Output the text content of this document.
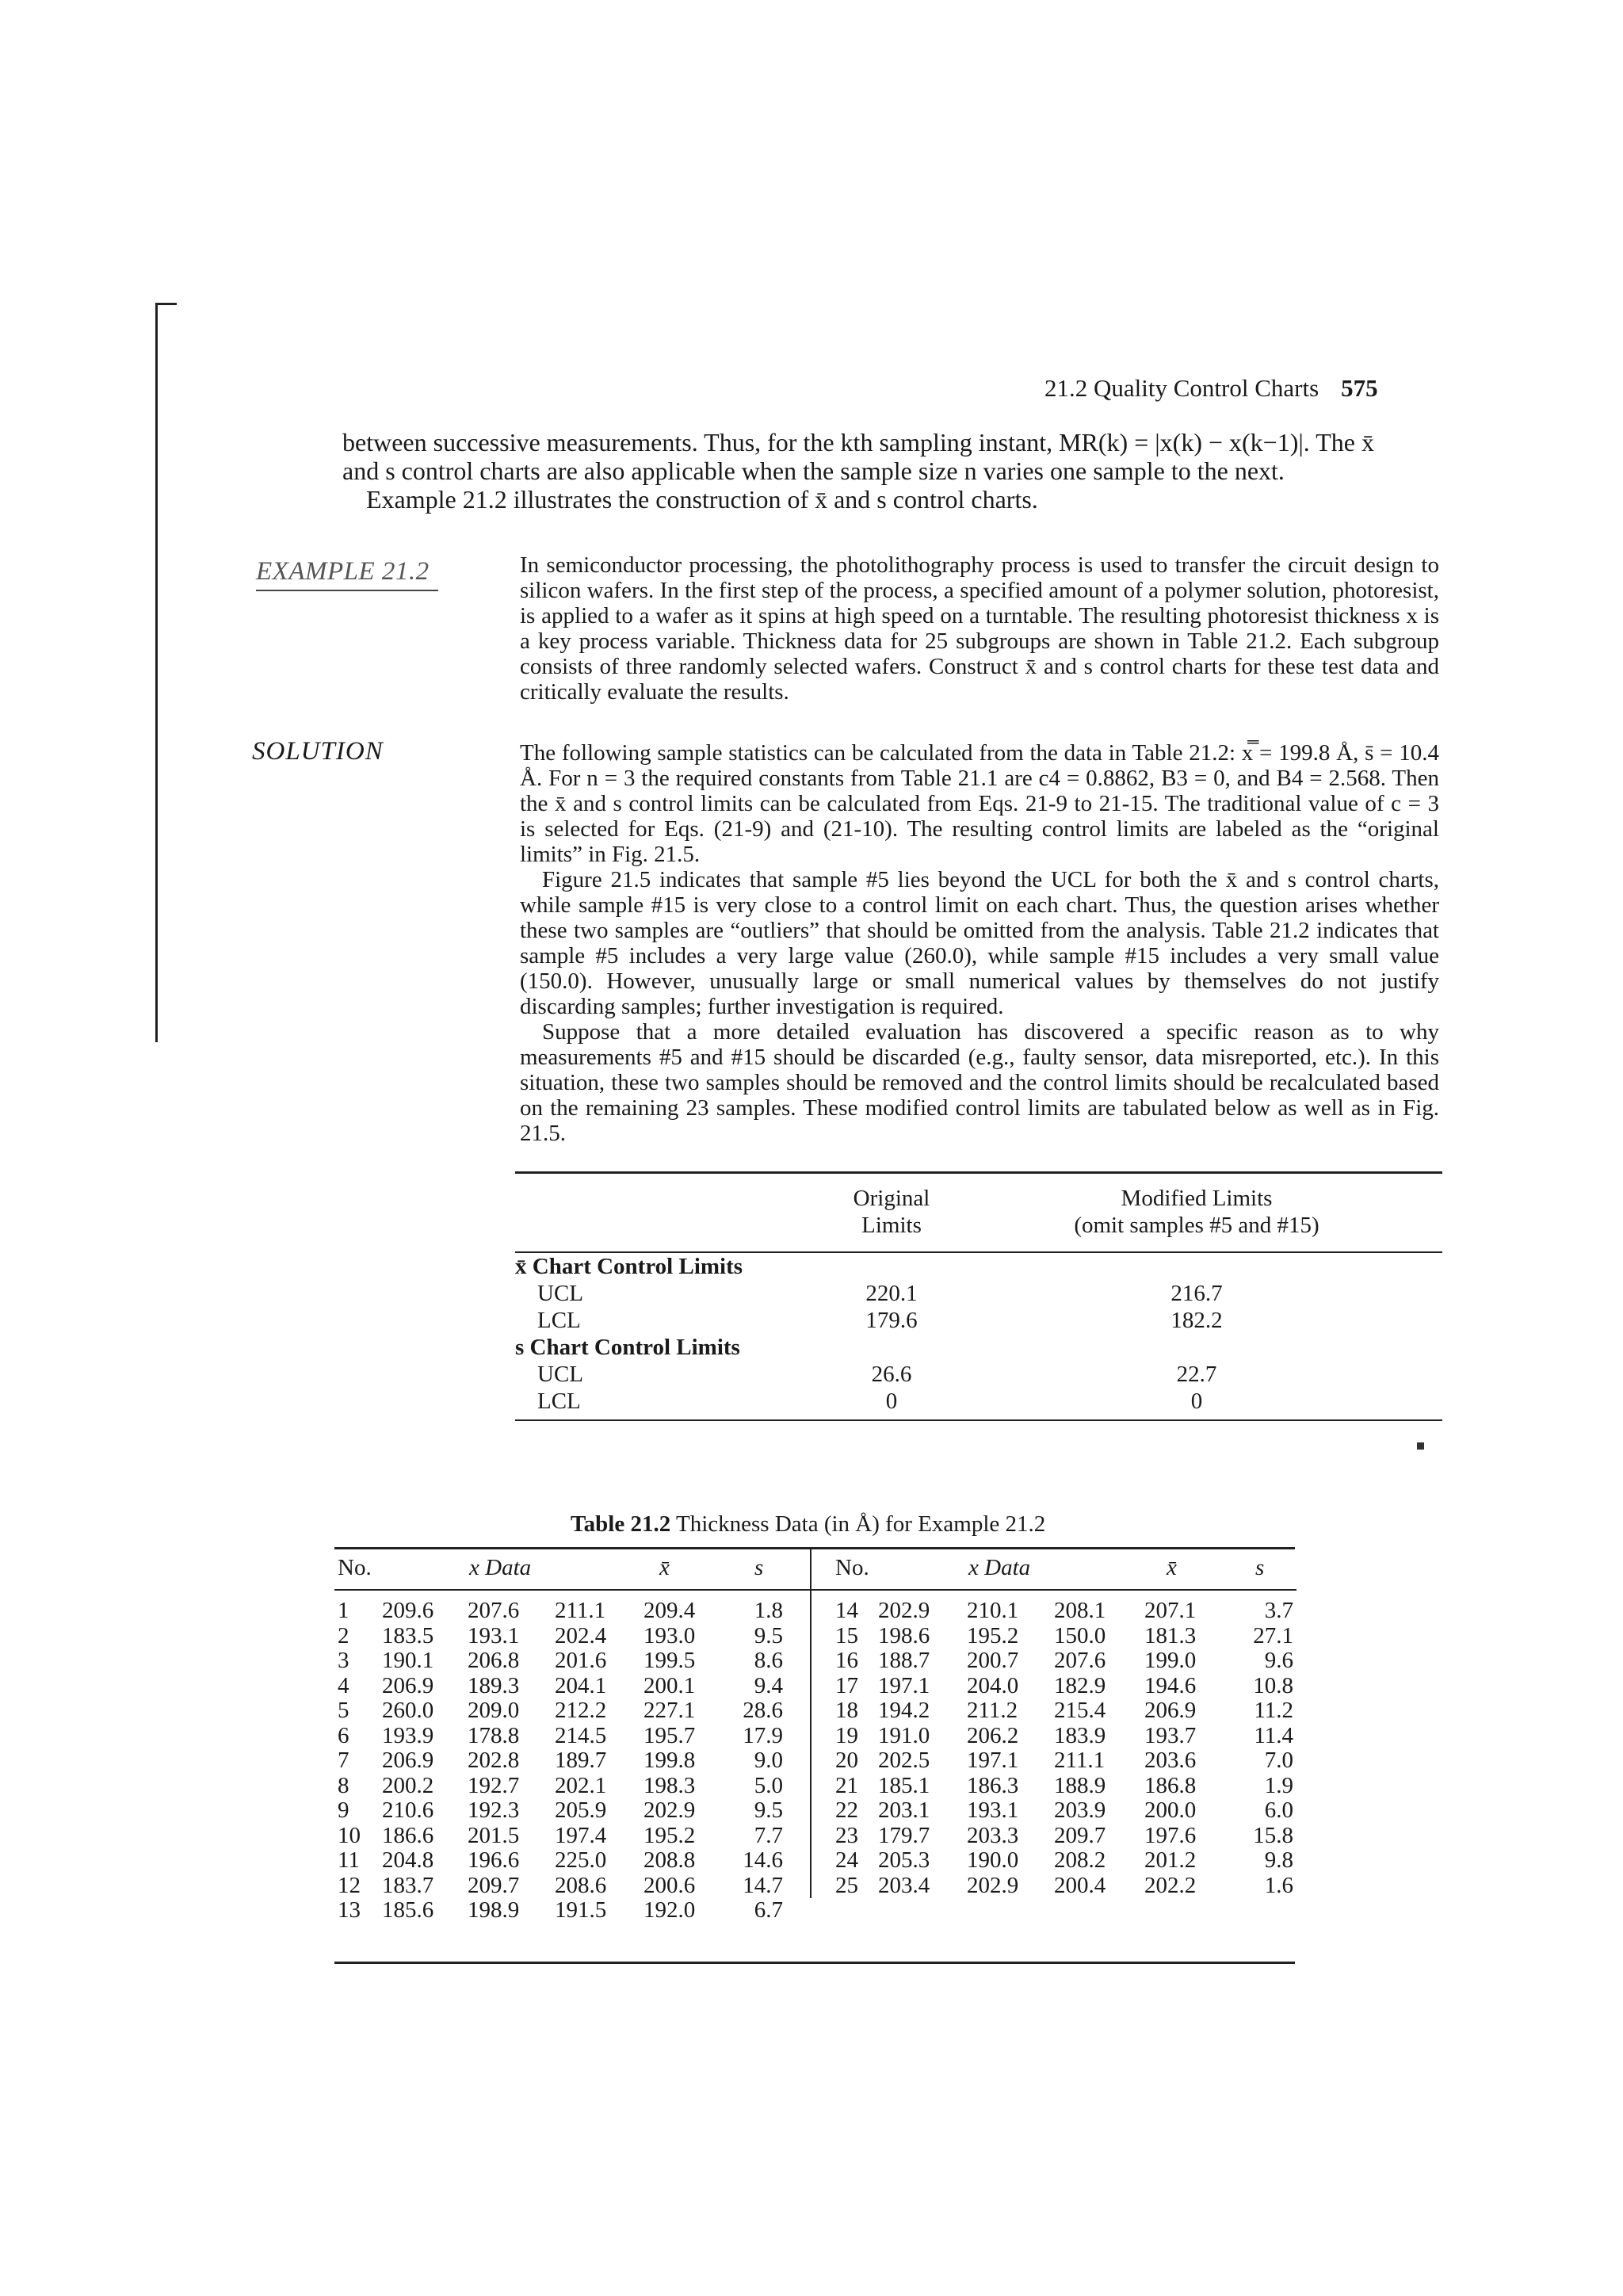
21.2 Quality Control Charts 575
between successive measurements. Thus, for the kth sampling instant, MR(k) = |x(k) − x(k−1)|. The x̄
and s control charts are also applicable when the sample size n varies one sample to the next.
Example 21.2 illustrates the construction of x̄ and s control charts.
EXAMPLE 21.2	In semiconductor processing, the photolithography process is used to transfer the circuit design to silicon wafers. In the first step of the process, a specified amount of a polymer solution, photoresist, is applied to a wafer as it spins at high speed on a turntable. The resulting photoresist thickness x is a key process variable. Thickness data for 25 subgroups are shown in Table 21.2. Each subgroup consists of three randomly selected wafers. Construct x̄ and s control charts for these test data and critically evaluate the results.
SOLUTION	The following sample statistics can be calculated from the data in Table 21.2: x̿ = 199.8 Å, s̄ = 10.4 Å. For n = 3 the required constants from Table 21.1 are c4 = 0.8862, B3 = 0, and B4 = 2.568. Then the x̄ and s control limits can be calculated from Eqs. 21-9 to 21-15. The traditional value of c = 3 is selected for Eqs. (21-9) and (21-10). The resulting control limits are labeled as the “original limits” in Fig. 21.5.

Figure 21.5 indicates that sample #5 lies beyond the UCL for both the x̄ and s control charts, while sample #15 is very close to a control limit on each chart. Thus, the question arises whether these two samples are “outliers” that should be omitted from the analysis. Table 21.2 indicates that sample #5 includes a very large value (260.0), while sample #15 includes a very small value (150.0). However, unusually large or small numerical values by themselves do not justify discarding samples; further investigation is required.

Suppose that a more detailed evaluation has discovered a specific reason as to why measurements #5 and #15 should be discarded (e.g., faulty sensor, data misreported, etc.). In this situation, these two samples should be removed and the control limits should be recalculated based on the remaining 23 samples. These modified control limits are tabulated below as well as in Fig. 21.5.

Original
Limits
Modified Limits
(omit samples #5 and #15)
x̄ Chart Control Limits
UCL	220.1	216.7
LCL	179.6	182.2
s Chart Control Limits
UCL	26.6	22.7
LCL	0	0
Table 21.2 Thickness Data (in Å) for Example 21.2
No.	x Data	x̄	s
1 209.6 207.6 211.1 209.4	1.8
2 183.5 193.1 202.4 193.0	9.5
3 190.1 206.8 201.6 199.5	8.6
4 206.9 189.3 204.1 200.1	9.4
5 260.0 209.0 212.2 227.1 28.6
6 193.9 178.8 214.5 195.7 17.9
7 206.9 202.8 189.7 199.8	9.0
8 200.2 192.7 202.1 198.3	5.0
9 210.6 192.3 205.9 202.9	9.5
10 186.6 201.5 197.4 195.2	7.7
11 204.8 196.6 225.0 208.8 14.6
12 183.7 209.7 208.6 200.6 14.7
13 185.6 198.9 191.5 192.0	6.7
No.	x Data	x̄	s
14 202.9 210.1 208.1 207.1	3.7
15 198.6 195.2 150.0 181.3 27.1
16 188.7 200.7 207.6 199.0	9.6
17 197.1 204.0 182.9 194.6 10.8
18 194.2 211.2 215.4 206.9	11.2
19 191.0 206.2 183.9 193.7	11.4
20 202.5 197.1 211.1 203.6	7.0
21 185.1 186.3 188.9 186.8	1.9
22 203.1 193.1 203.9 200.0	6.0
23 179.7 203.3 209.7 197.6 15.8
24 205.3 190.0 208.2 201.2	9.8
25 203.4 202.9 200.4 202.2	1.6
